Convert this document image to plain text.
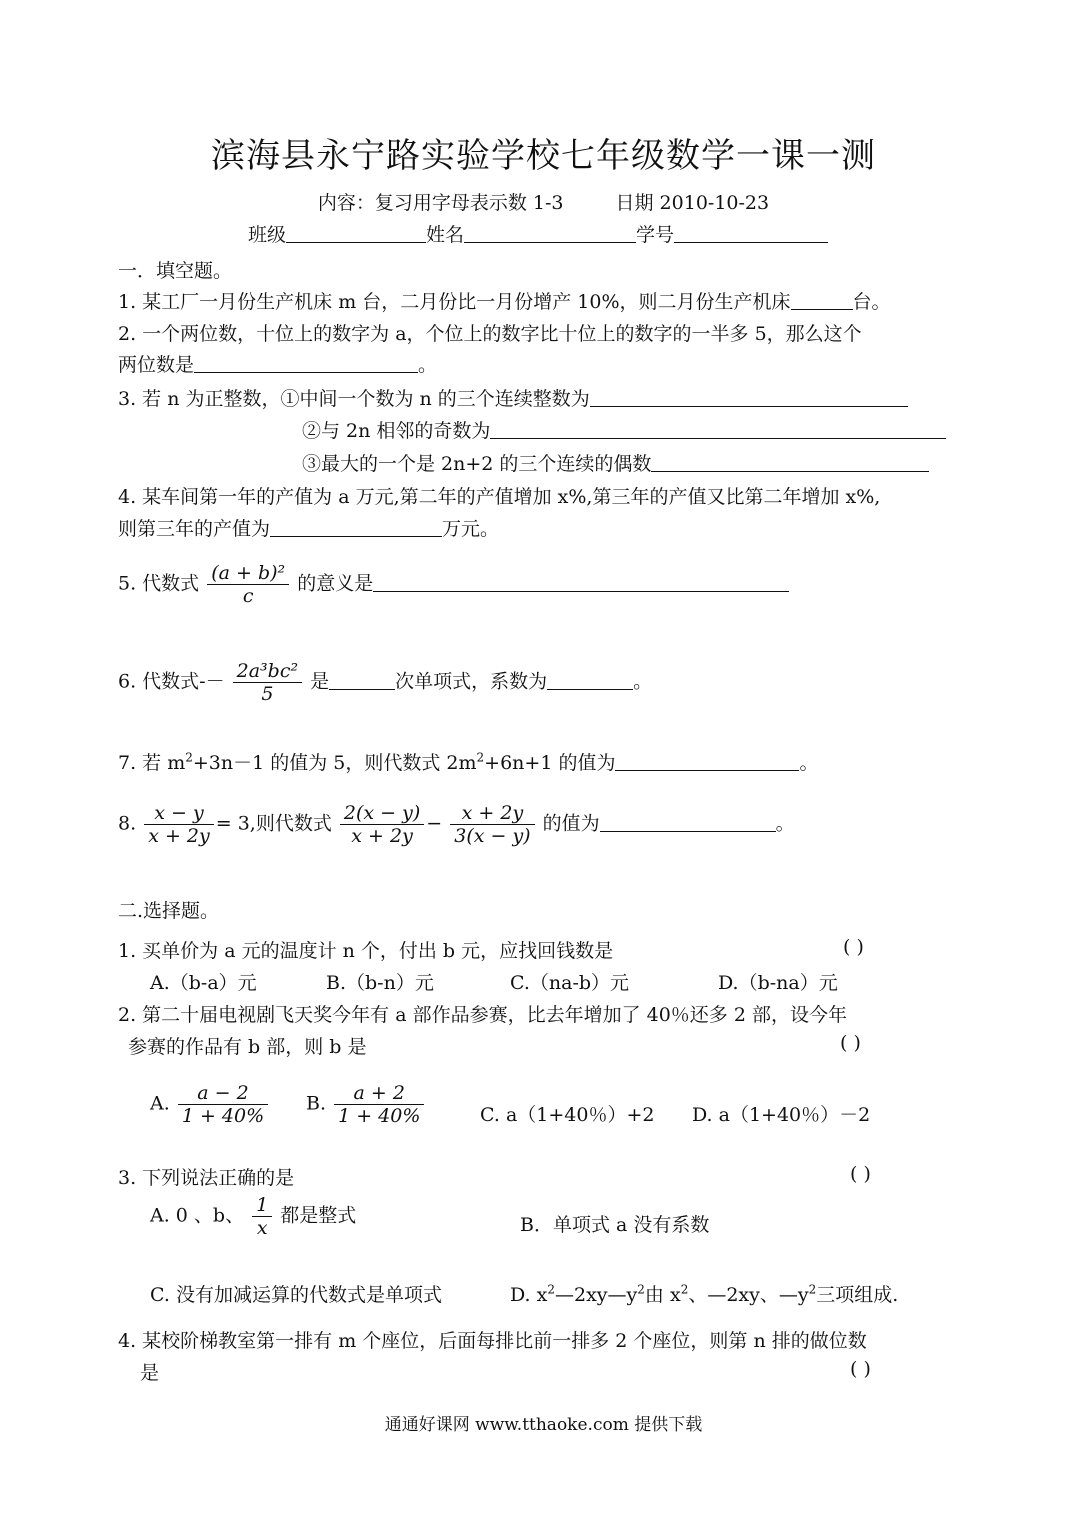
滨海县永宁路实验学校七年级数学一课一测
内容：复习用字母表示数 1-3	日期 2010-10-23
班级	姓名	学号
一．填空题。
1. 某工厂一月份生产机床 m 台，二月份比一月份增产 10%，则二月份生产机床	台。
2. 一个两位数，十位上的数字为 a，个位上的数字比十位上的数字的一半多 5，那么这个
两位数是	。
3. 若 n 为正整数，①中间一个数为 n 的三个连续整数为
②与 2n 相邻的奇数为
③最大的一个是 2n+2 的三个连续的偶数
4. 某车间第一年的产值为 a 万元,第二年的产值增加 x%,第三年的产值又比第二年增加 x%,
则第三年的产值为	万元。
5. 代数式 $\frac{\text{(a + b)²}}{c}$ 的意义是
6. 代数式-－ $\frac{\text{2a³bc²}}{5}$ 是	次单项式，系数为	。
7. 若 $m^2+3n-1$ 的值为 5，则代数式 $2m^2+6n+1$ 的值为	。
8. $\frac{x - y}{x + 2y} = 3$,则代数式 $\frac{2(x - y)}{x + 2y} - \frac{x + 2y}{3(x - y)}$ 的值为	。
二.选择题。
1. 买单价为 a 元的温度计 n 个，付出 b 元，应找回钱数是	( )
A.（b-a）元	B.（b-n）元	C.（na-b）元	D.（b-na）元
2. 第二十届电视剧飞天奖今年有 a 部作品参赛，比去年增加了 40％还多 2 部，设今年
参赛的作品有 b 部，则 b 是	( )
A. $\frac{a - 2}{1 + 40\%} B$. $\frac{a + 2}{1 + 40\%}$	C. a（1+40％）+2 D. a（1+40％）－2
3. 下列说法正确的是	( )
A. 0 、b、 $\frac{1}{x}$ 都是整式	B．单项式 a 没有系数
C. 没有加减运算的代数式是单项式	D. $x^2—2xy—y^2$由 $x^2$、—2xy、$—y^2$三项组成.
4. 某校阶梯教室第一排有 m 个座位，后面每排比前一排多 2 个座位，则第 n 排的做位数
是	( )
通通好课网 www.tthaoke.com 提供下载
